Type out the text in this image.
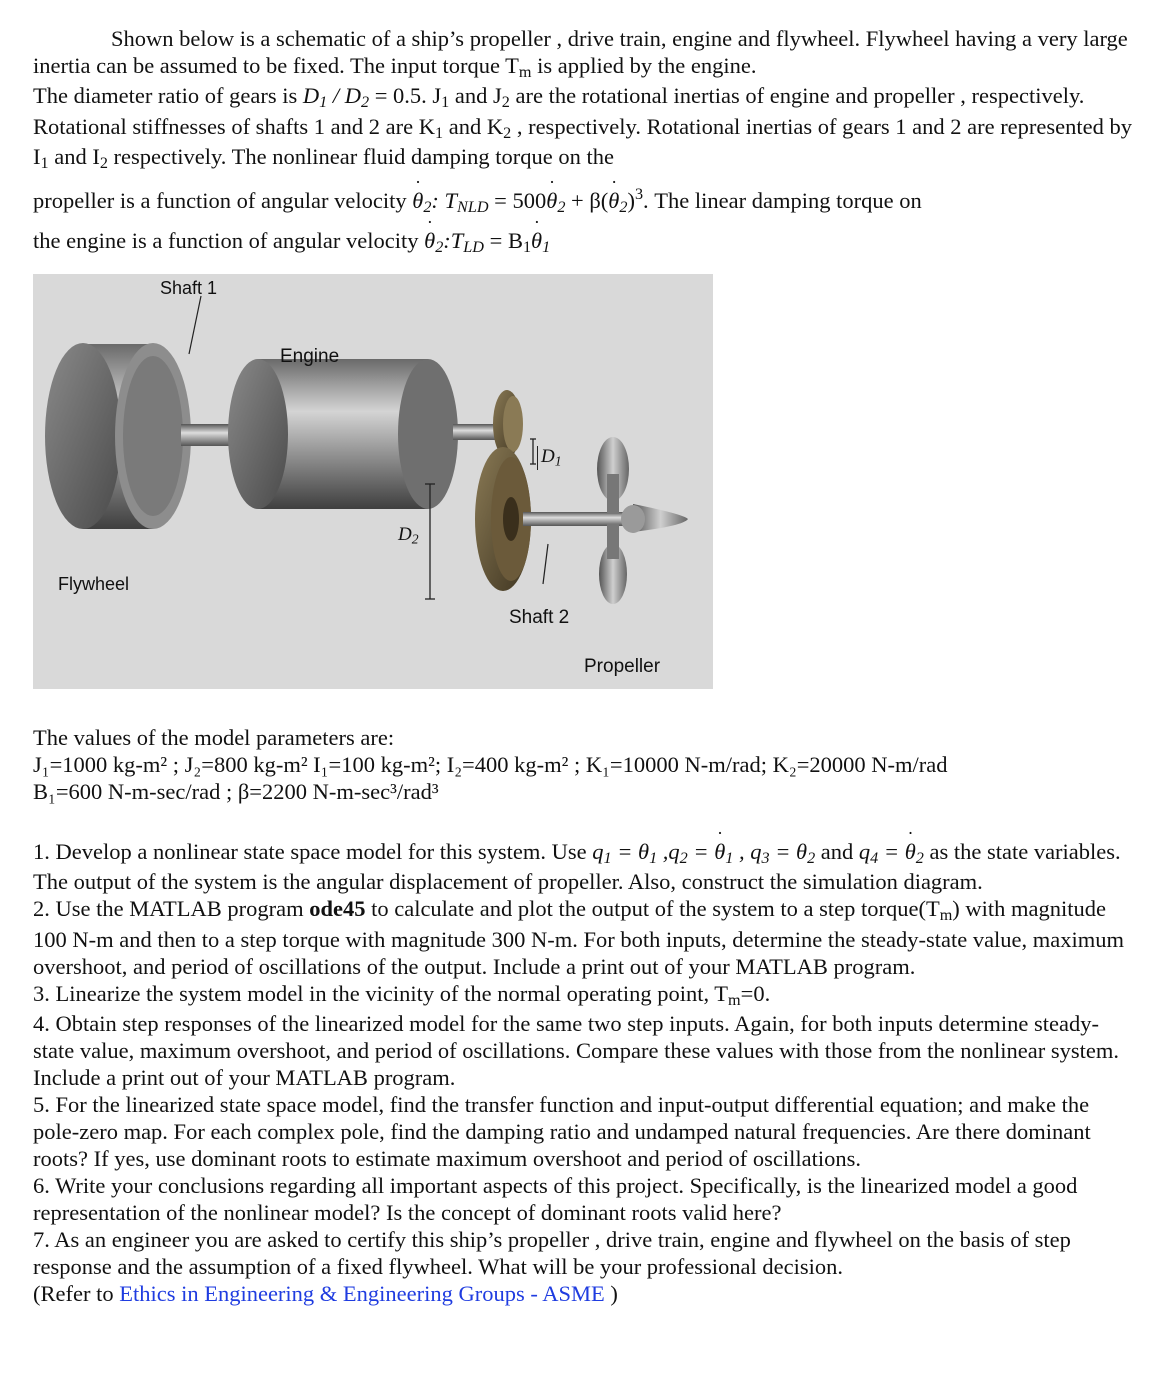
Shown below is a schematic of a ship’s propeller , drive train, engine and flywheel. Flywheel having a very large inertia can be assumed to be fixed. The input torque $T_m$ is applied by the engine.

The diameter ratio of gears is $D_1 / D_2 = 0.5$. $J_1$ and $J_2$ are the rotational inertias of engine and propeller , respectively. Rotational stiffnesses of shafts 1 and 2 are $K_1$ and $K_2$ , respectively. Rotational inertias of gears 1 and 2 are represented by $I_1$ and $I_2$ respectively. The nonlinear fluid damping torque on the

propeller is a function of angular velocity ˙ $\theta_2$: $T_{NLD}$ = 500˙ $\theta_2$ + β(˙ $\theta_2)^3$. The linear damping torque on

the engine is a function of angular velocity ˙ $\theta_2:T_{LD}$ = $B_1˙$ $\theta_1$

Shaft 1
Engine
$D_1$
$D_2$
Flywheel
Shaft 2
Propeller

The values of the model parameters are:

J₁=1000 kg-m² ; J₂=800 kg-m² I₁=100 kg-m²; I₂=400 kg-m² ; K₁=10000 N-m/rad; K₂=20000 N-m/rad

B₁=600 N-m-sec/rad ; β=2200 N-m-sec³/rad³

1. Develop a nonlinear state space model for this system. Use $q_1 = \theta_1$ $,q_2$ = ˙ $\theta_1$ , $q_3 = \theta_2$ and $q_4$ = ˙ $\theta_2$ as the state variables. The output of the system is the angular displacement of propeller. Also, construct the simulation diagram.

2. Use the MATLAB program ode45 to calculate and plot the output of the system to a step $torque(T_m)$ with magnitude 100 N-m and then to a step torque with magnitude 300 N-m. For both inputs, determine the steady-state value, maximum overshoot, and period of oscillations of the output. Include a print out of your MATLAB program.

3. Linearize the system model in the vicinity of the normal operating point, $T_m=0$.

4. Obtain step responses of the linearized model for the same two step inputs. Again, for both inputs determine steady-state value, maximum overshoot, and period of oscillations. Compare these values with those from the nonlinear system. Include a print out of your MATLAB program.

5. For the linearized state space model, find the transfer function and input-output differential equation; and make the pole-zero map. For each complex pole, find the damping ratio and undamped natural frequencies. Are there dominant roots? If yes, use dominant roots to estimate maximum overshoot and period of oscillations.

6. Write your conclusions regarding all important aspects of this project. Specifically, is the linearized model a good representation of the nonlinear model? Is the concept of dominant roots valid here?

7. As an engineer you are asked to certify this ship’s propeller , drive train, engine and flywheel on the basis of step response and the assumption of a fixed flywheel. What will be your professional decision.

(Refer to Ethics in Engineering & Engineering Groups - ASME )
